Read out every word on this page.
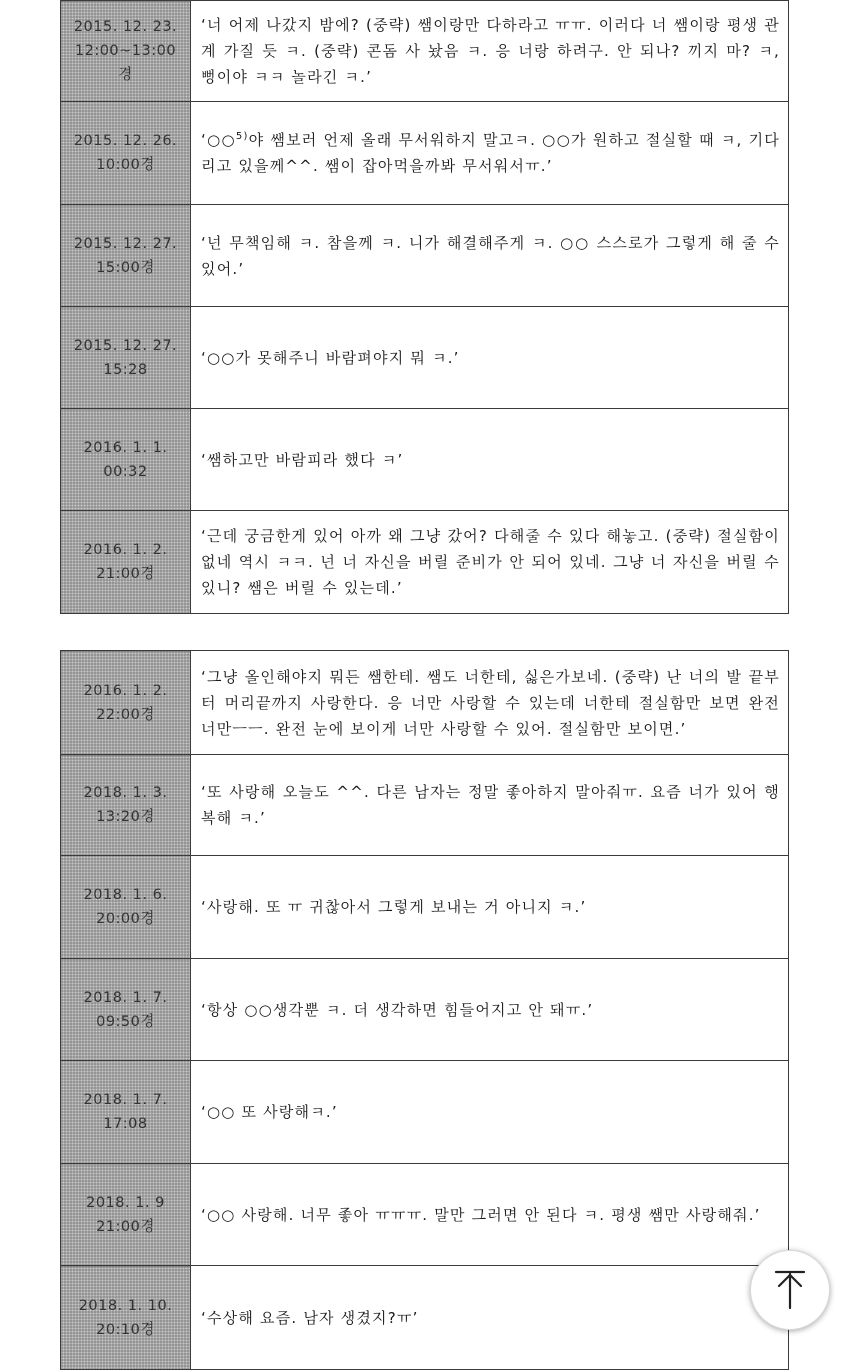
2015. 12. 23.
12:00~13:00
경	‘너 어제 나갔지 밤에? (중략) 쌤이랑만 다하라고 ㅠㅠ. 이러다 너 쌤이랑 평생 관계 가질 듯 ㅋ. (중략) 콘돔 사 놨음 ㅋ. 응 너랑 하려구. 안 되나? 끼지 마? ㅋ, 뻥이야 ㅋㅋ 놀라긴 ㅋ.’
2015. 12. 26.
10:00경	‘○○$^{5)}$야 쌤보러 언제 올래 무서워하지 말고ㅋ. ○○가 원하고 절실할 때 ㅋ, 기다리고 있을께^^. 쌤이 잡아먹을까봐 무서워서ㅠ.’
2015. 12. 27.
15:00경	‘넌 무책임해 ㅋ. 참을께 ㅋ. 니가 해결해주게 ㅋ. ○○ 스스로가 그렇게 해 줄 수 있어.’
2015. 12. 27.
15:28	‘○○가 못해주니 바람펴야지 뭐 ㅋ.’
2016. 1. 1.
00:32	‘쌤하고만 바람피라 했다 ㅋ’
2016. 1. 2.
21:00경	‘근데 궁금한게 있어 아까 왜 그냥 갔어? 다해줄 수 있다 해놓고. (중략) 절실함이 없네 역시 ㅋㅋ. 넌 너 자신을 버릴 준비가 안 되어 있네. 그냥 너 자신을 버릴 수 있니? 쌤은 버릴 수 있는데.’
2016. 1. 2.
22:00경	‘그냥 올인해야지 뭐든 쌤한테. 쌤도 너한테, 싫은가보네. (중략) 난 너의 발 끝부터 머리끝까지 사랑한다. 응 너만 사랑할 수 있는데 너한테 절실함만 보면 완전 너만ㅡㅡ. 완전 눈에 보이게 너만 사랑할 수 있어. 절실함만 보이면.’
2018. 1. 3.
13:20경	‘또 사랑해 오늘도 ^^. 다른 남자는 정말 좋아하지 말아줘ㅠ. 요즘 너가 있어 행복해 ㅋ.’
2018. 1. 6.
20:00경	‘사랑해. 또 ㅠ 귀찮아서 그렇게 보내는 거 아니지 ㅋ.’
2018. 1. 7.
09:50경	‘항상 ○○생각뿐 ㅋ. 더 생각하면 힘들어지고 안 돼ㅠ.’
2018. 1. 7.
17:08	‘○○ 또 사랑해ㅋ.’
2018. 1. 9
21:00경	‘○○ 사랑해. 너무 좋아 ㅠㅠㅠ. 말만 그러면 안 된다 ㅋ. 평생 쌤만 사랑해줘.’
2018. 1. 10.
20:10경	‘수상해 요즘. 남자 생겼지?ㅠ’
